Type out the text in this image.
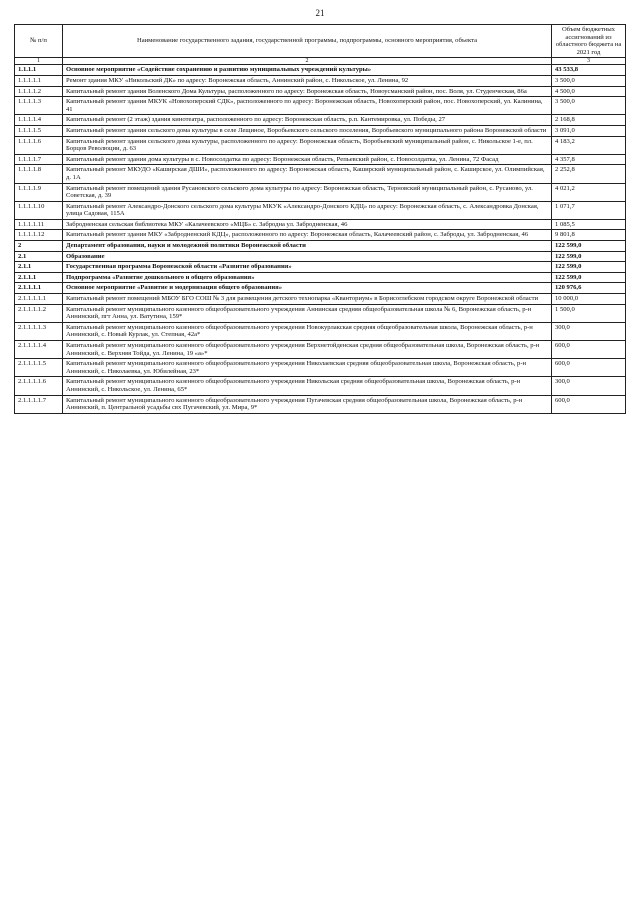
21
№ п/п	Наименование государственного задания, государственной программы, подпрограммы, основного мероприятия, объекта	Объем бюджетных ассигнований из областного бюджета на 2021 год
1	2	3
1.1.1.1	Основное мероприятие «Содействие сохранению и развитию муниципальных учреждений культуры»	43 533,8
1.1.1.1.1	Ремонт здания МКУ «Никольский ДК» по адресу: Воронежская область, Аннинский район, с. Никольское, ул. Ленина, 92	3 500,0
1.1.1.1.2	Капитальный ремонт здания Воленского Дома Культуры, расположенного по адресу: Воронежская область, Новоусманский район, пос. Воля, ул. Студенческая, 86а	4 500,0
1.1.1.1.3	Капитальный ремонт здания МКУК «Новохоперский СДК», расположенного по адресу: Воронежская область, Новохоперский район, пос. Новохоперский, ул. Калинина, 41	3 500,0
1.1.1.1.4	Капитальный ремонт (2 этаж) здания кинотеатра, расположенного по адресу: Воронежская область, р.п. Кантемировка, ул. Победы, 27	2 168,8
1.1.1.1.5	Капитальный ремонт здания сельского дома культуры в селе Лещиное, Воробьевского сельского поселения, Воробьевского муниципального района Воронежской области	3 091,0
1.1.1.1.6	Капитальный ремонт здания сельского дома культуры, расположенного по адресу: Воронежская область, Воробьевский муниципальный район, с. Никольское 1-е, пл. Борцов Революции, д. 63	4 183,2
1.1.1.1.7	Капитальный ремонт здания дома культуры в с. Новосолдатка по адресу: Воронежская область, Репьевский район, с. Новосолдатка, ул. Ленина, 72 Фасад	4 357,8
1.1.1.1.8	Капитальный ремонт МКУДО «Каширская ДШИ», расположенного по адресу: Воронежская область, Каширский муниципальный район, с. Каширское, ул. Олимпийская, д. 1А	2 252,8
1.1.1.1.9	Капитальный ремонт помещений здания Русановского сельского дома культуры по адресу: Воронежская область, Терновский муниципальный район, с. Русаново, ул. Советская, д. 39	4 021,2
1.1.1.1.10	Капитальный ремонт Александро-Донского сельского дома культуры МКУК «Александро-Донского КДЦ» по адресу: Воронежская область, с. Александровка Донская, улица Садовая, 115А	1 071,7
1.1.1.1.11	Забродненская сельская библиотека МКУ «Калачеевского «МЦБ» с. Забродна ул. Забродненская, 46	1 085,5
1.1.1.1.12	Капитальный ремонт здания МКУ «Забродненский КДЦ», расположенного по адресу: Воронежская область, Калачеевский район, с. Заброды, ул. Забродненская, 46	9 801,8
2	Департамент образования, науки и молодежной политики Воронежской области	122 599,0
2.1	Образование	122 599,0
2.1.1	Государственная программа Воронежской области «Развитие образования»	122 599,0
2.1.1.1	Подпрограмма «Развитие дошкольного и общего образования»	122 599,0
2.1.1.1.1	Основное мероприятие «Развитие и модернизация общего образования»	120 976,6
2.1.1.1.1.1	Капитальный ремонт помещений МБОУ БГО СОШ № 3 для размещения детского технопарка «Кванториум» в Борисоглебском городском округе Воронежской области	10 000,0
2.1.1.1.1.2	Капитальный ремонт муниципального казенного общеобразовательного учреждения Аннинская средняя общеобразовательная школа № 6, Воронежская область, р-н Аннинский, пгт Анна, ул. Ватутина, 159*	1 500,0
2.1.1.1.1.3	Капитальный ремонт муниципального казенного общеобразовательного учреждения Новокурлакская средняя общеобразовательная школа, Воронежская область, р-н Аннинский, с. Новый Курлак, ул. Степная, 42а*	300,0
2.1.1.1.1.4	Капитальный ремонт муниципального казенного общеобразовательного учреждения Верхнетойденская средняя общеобразовательная школа, Воронежская область, р-н Аннинский, с. Верхняя Тойда, ул. Ленина, 19 «а»*	600,0
2.1.1.1.1.5	Капитальный ремонт муниципального казенного общеобразовательного учреждения Николаевская средняя общеобразовательная школа, Воронежская область, р-н Аннинский, с. Николаевка, ул. Юбилейная, 23*	600,0
2.1.1.1.1.6	Капитальный ремонт муниципального казенного общеобразовательного учреждения Никольская средняя общеобразовательная школа, Воронежская область, р-н Аннинский, с. Никольское, ул. Ленина, 65*	300,0
2.1.1.1.1.7	Капитальный ремонт муниципального казенного общеобразовательного учреждения Пугачевская средняя общеобразовательная школа, Воронежская область, р-н Аннинский, п. Центральной усадьбы свх Пугачевский, ул. Мира, 9*	600,0
